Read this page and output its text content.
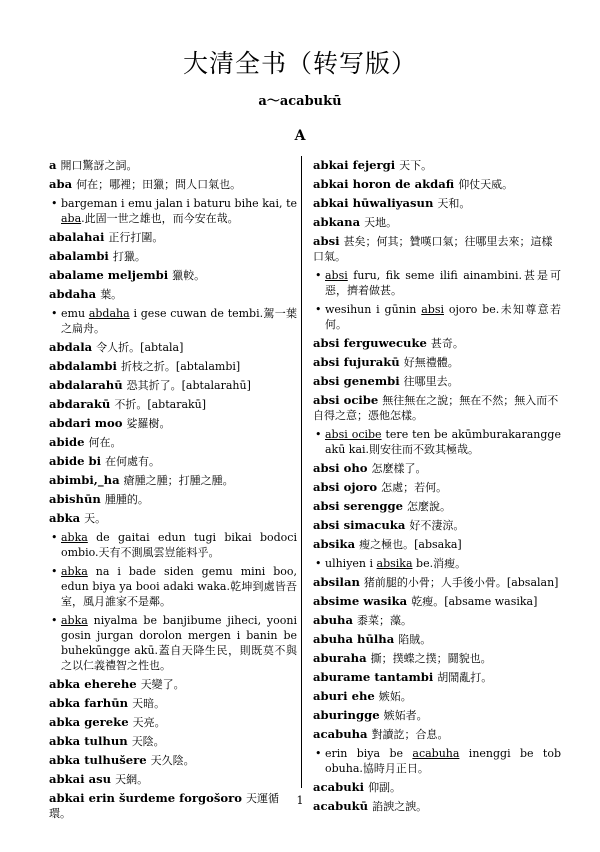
大清全书（转写版）
a～acabukū
A
a 開口驚訝之詞。
aba 何在；哪裡；田獵；問人口氣也。
• bargeman i emu jalan i baturu bihe kai, te aba.此固一世之雄也，而今安在哉。
abalahai 正行打圍。
abalambi 打獵。
abalame meljembi 獵較。
abdaha 葉。
• emu abdaha i gese cuwan de tembi.駕一葉之扁舟。
abdala 令人折。[abtala]
abdalambi 折枝之折。[abtalambi]
abdalarahū 恐其折了。[abtalarahū]
abdarakū 不折。[abtarakū]
abdari moo 娑羅樹。
abide 何在。
abide bi 在何處有。
abimbi,_ha 瘡腫之腫；打腫之腫。
abishūn 腫腫的。
abka 天。
• abka de gaitai edun tugi bikai bodoci ombio.天有不測風雲豈能料乎。
• abka na i bade siden gemu mini boo, edun biya ya booi adaki waka.乾坤到處皆吾室，風月誰家不是鄰。
• abka niyalma be banjibume jiheci, yooni gosin jurgan dorolon mergen i banin be buhekūngge akū.蓋自天降生民，則既莫不與之以仁義禮智之性也。
abka eherehe 天變了。
abka farhūn 天暗。
abka gereke 天亮。
abka tulhun 天陰。
abka tulhušere 天久陰。
abkai asu 天網。
abkai erin šurdeme forgošoro 天運循環。
abkai fejergi 天下。
abkai horon de akdafi 仰仗天威。
abkai hūwaliyasun 天和。
abkana 天地。
absi 甚矣；何其；贊嘆口氣；往哪里去來；這樣口氣。
• absi furu, fik seme ilifi ainambini.甚是可惡，擠着做甚。
• wesihun i gūnin absi ojoro be.未知尊意若何。
absi ferguwecuke 甚奇。
absi fujurakū 好無禮體。
absi genembi 往哪里去。
absi ocibe 無往無在之說；無在不然；無入而不自得之意；憑他怎樣。
• absi ocibe tere ten be akūmburakarangge akū kai.則安往而不致其極哉。
absi oho 怎麼樣了。
absi ojoro 怎處；若何。
absi serengge 怎麼說。
absi simacuka 好不淒涼。
absika 瘦之極也。[absaka]
• ulhiyen i absika be.消瘦。
absilan 猪前腿的小骨；人手後小骨。[absalan]
absime wasika 乾瘦。[absame wasika]
abuha 黍菜；藻。
abuha hūlha 陷賊。
aburaha 撕；撲蝶之撲；鬪貌也。
aburame tantambi 胡鬧亂打。
aburi ehe 嫉妬。
aburingge 嫉妬者。
acabuha 對讀訖；合息。
• erin biya be acabuha inenggi be tob obuha.協時月正日。
acabuki 仰副。
acabukū 諂諛之諛。
1
